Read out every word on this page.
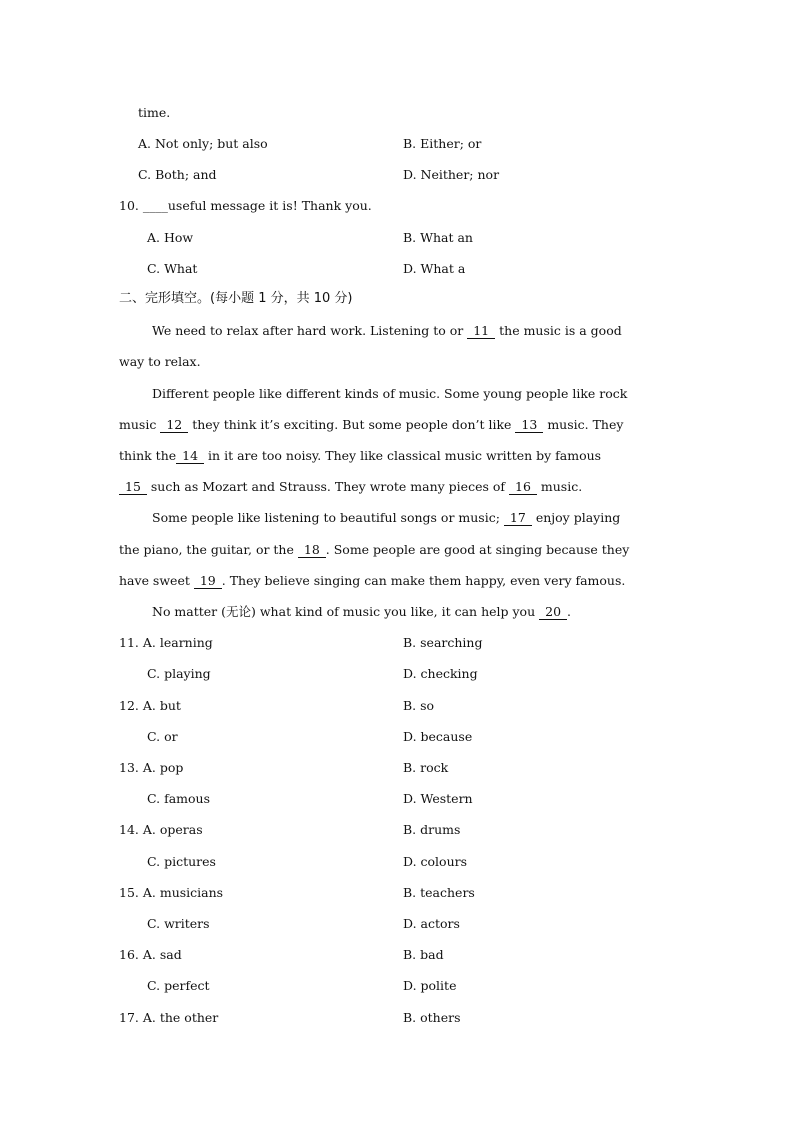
time.
A. Not only; but also	B. Either; or
C. Both; and	D. Neither; nor
10. ____useful message it is! Thank you.
A. How	B. What an
C. What	D. What a
二、完形填空。(每小题 1 分，共 10 分)
We need to relax after hard work. Listening to or 11 the music is a good
way to relax.
Different people like different kinds of music. Some young people like rock
music 12 they think it’s exciting. But some people don’t like 13 music. They
think the 14 in it are too noisy. They like classical music written by famous
15 such as Mozart and Strauss. They wrote many pieces of 16 music.
Some people like listening to beautiful songs or music; 17 enjoy playing
the piano, the guitar, or the 18 . Some people are good at singing because they
have sweet 19 . They believe singing can make them happy, even very famous.
No matter (无论) what kind of music you like, it can help you 20 .
11. A. learning	B. searching
C. playing	D. checking
12. A. but	B. so
C. or	D. because
13. A. pop	B. rock
C. famous	D. Western
14. A. operas	B. drums
C. pictures	D. colours
15. A. musicians	B. teachers
C. writers	D. actors
16. A. sad	B. bad
C. perfect	D. polite
17. A. the other	B. others
